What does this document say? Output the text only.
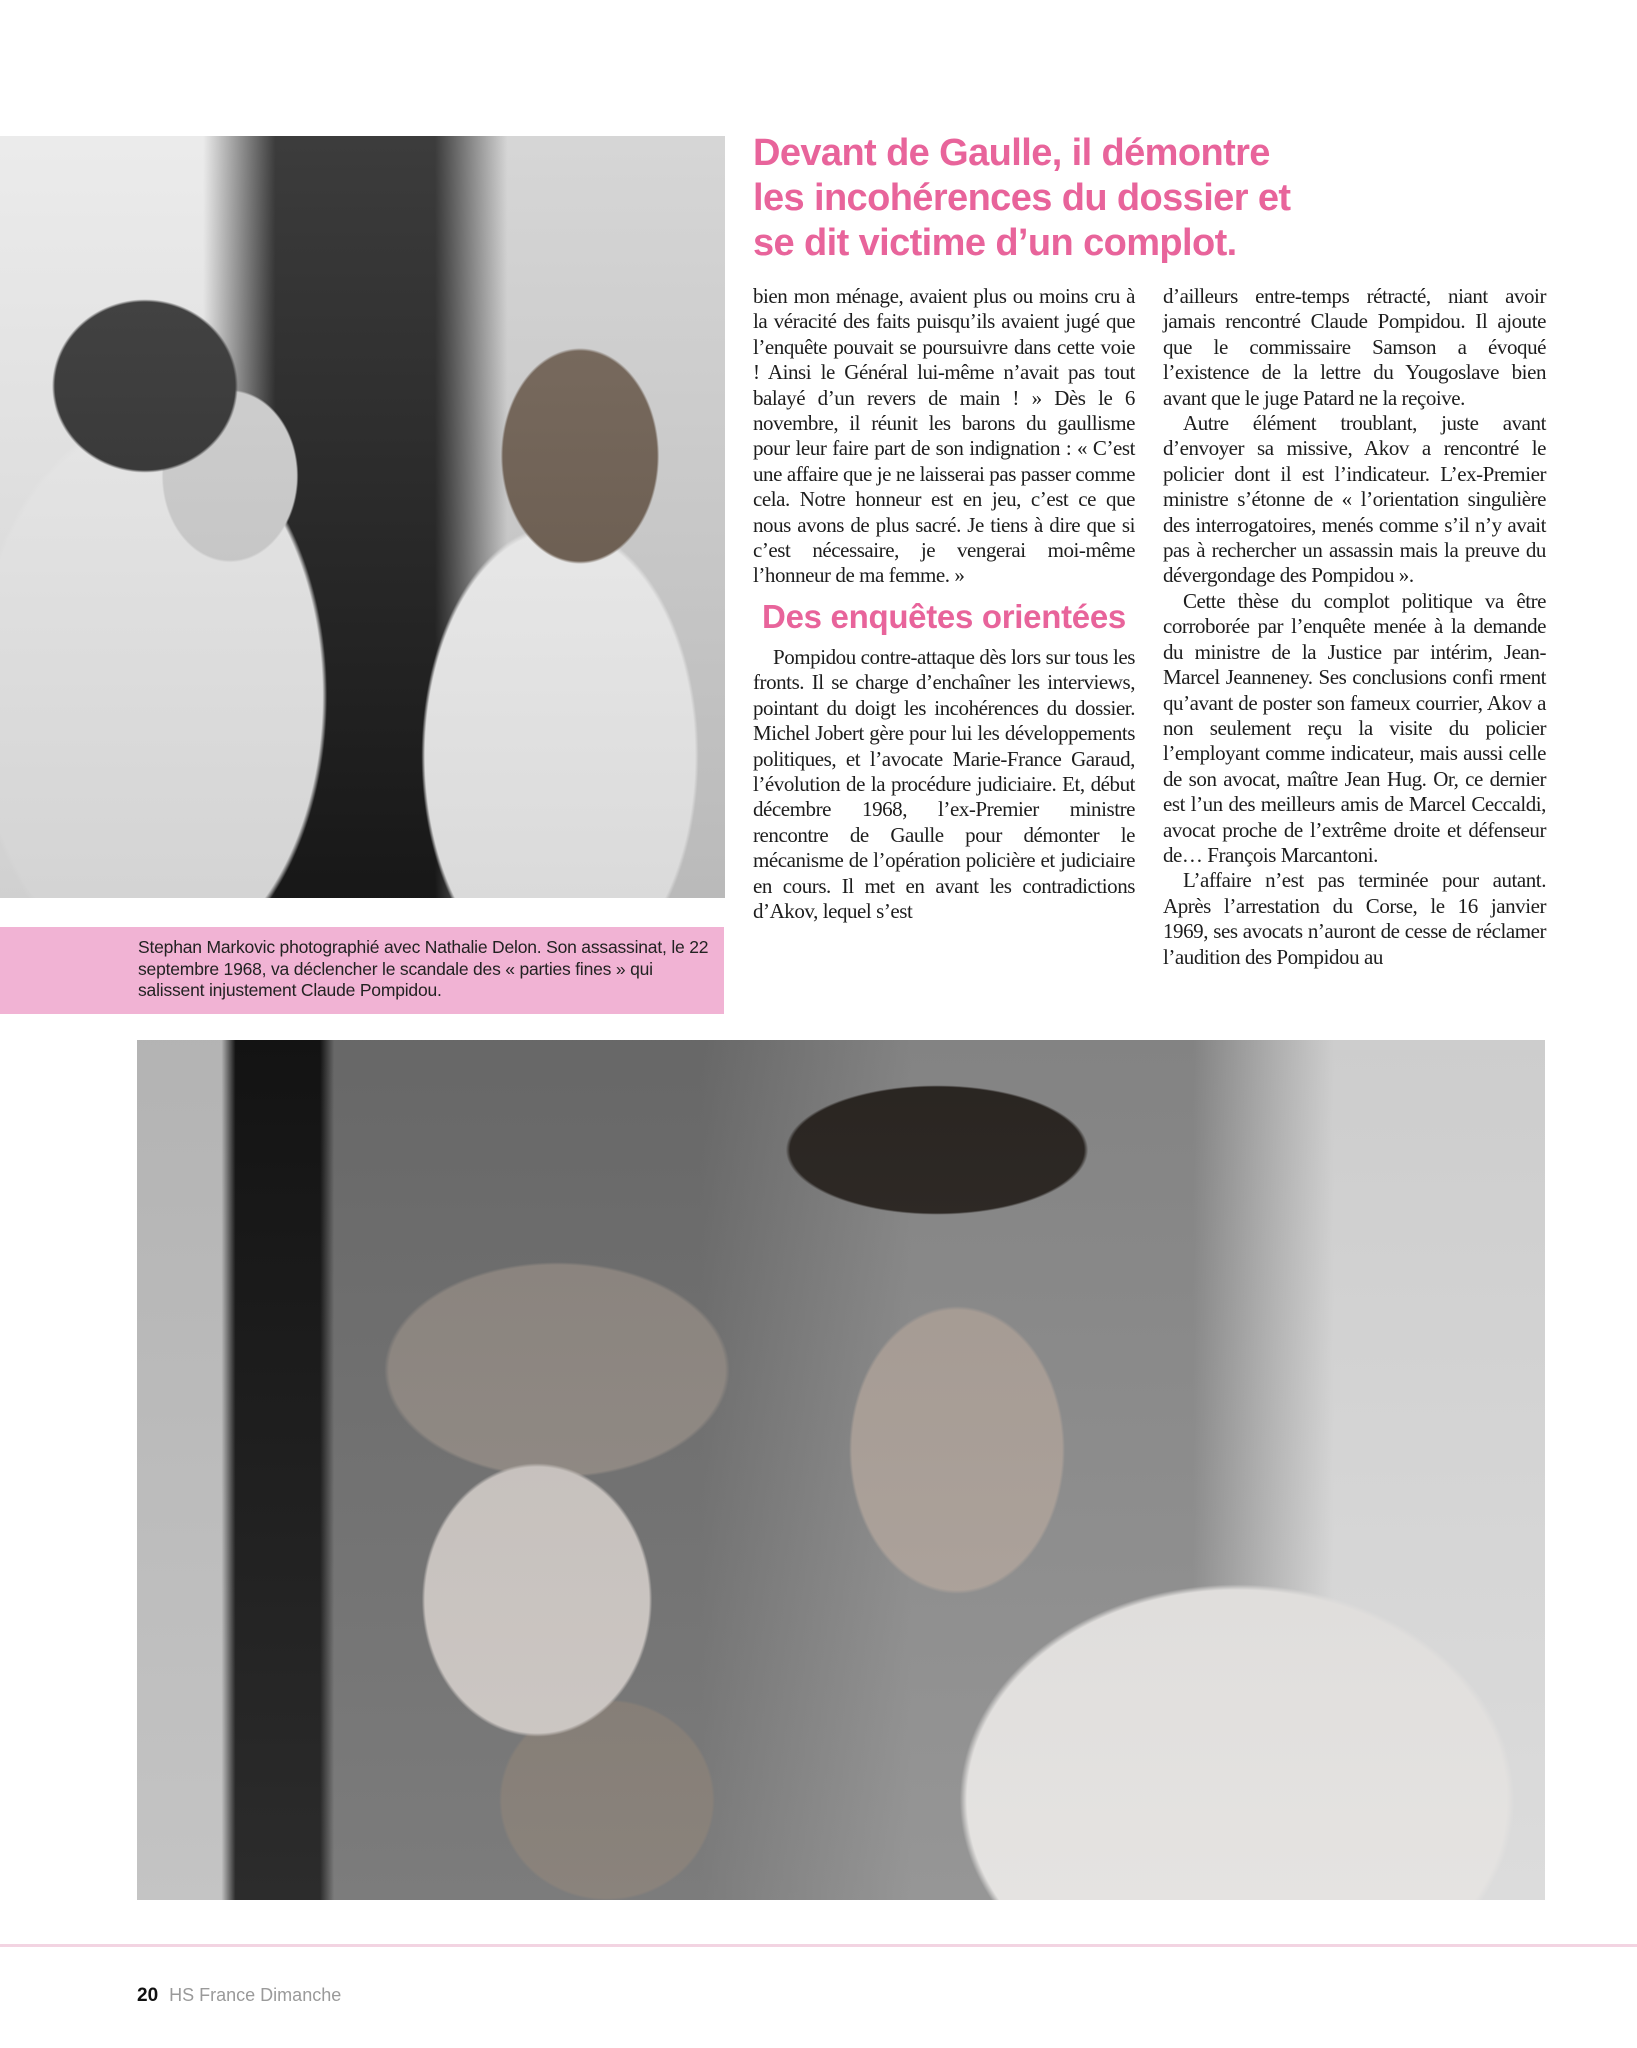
Stephan Markovic photographié avec Nathalie Delon. Son assassinat, le 22 septembre 1968, va déclencher le scandale des « parties fines » qui salissent injustement Claude Pompidou.
Devant de Gaulle, il démontre les incohérences du dossier et se dit victime d’un complot.

bien mon ménage, avaient plus ou moins cru à la véracité des faits puisqu’ils avaient jugé que l’enquête pouvait se poursuivre dans cette voie ! Ainsi le Général lui-même n’avait pas tout balayé d’un revers de main ! » Dès le 6 novembre, il réunit les barons du gaullisme pour leur faire part de son indignation : « C’est une affaire que je ne laisserai pas passer comme cela. Notre honneur est en jeu, c’est ce que nous avons de plus sacré. Je tiens à dire que si c’est nécessaire, je vengerai moi-même l’honneur de ma femme. »

Des enquêtes orientées

Pompidou contre-attaque dès lors sur tous les fronts. Il se charge d’enchaîner les interviews, pointant du doigt les incohérences du dossier. Michel Jobert gère pour lui les développements politiques, et l’avocate Marie-France Garaud, l’évolution de la procédure judiciaire. Et, début décembre 1968, l’ex-Premier ministre rencontre de Gaulle pour démonter le mécanisme de l’opération policière et judiciaire en cours. Il met en avant les contradictions d’Akov, lequel s’est

d’ailleurs entre-temps rétracté, niant avoir jamais rencontré Claude Pompidou. Il ajoute que le commissaire Samson a évoqué l’existence de la lettre du Yougoslave bien avant que le juge Patard ne la reçoive.

Autre élément troublant, juste avant d’envoyer sa missive, Akov a rencontré le policier dont il est l’indicateur. L’ex-Premier ministre s’étonne de « l’orientation singulière des interrogatoires, menés comme s’il n’y avait pas à rechercher un assassin mais la preuve du dévergondage des Pompidou ».

Cette thèse du complot politique va être corroborée par l’enquête menée à la demande du ministre de la Justice par intérim, Jean-Marcel Jeanneney. Ses conclusions confi rment qu’avant de poster son fameux courrier, Akov a non seulement reçu la visite du policier l’employant comme indicateur, mais aussi celle de son avocat, maître Jean Hug. Or, ce dernier est l’un des meilleurs amis de Marcel Ceccaldi, avocat proche de l’extrême droite et défenseur de… François Marcantoni.

L’affaire n’est pas terminée pour autant. Après l’arrestation du Corse, le 16 janvier 1969, ses avocats n’auront de cesse de réclamer l’audition des Pompidou au

20 HS France Dimanche
